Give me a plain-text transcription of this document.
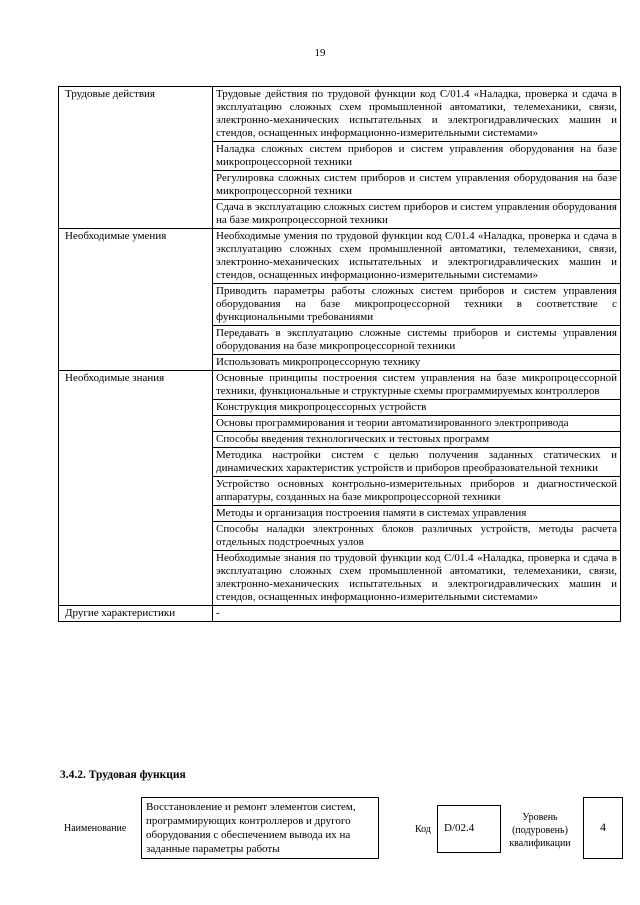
19
Трудовые действия	Трудовые действия по трудовой функции код С/01.4 «Наладка, проверка и сдача в эксплуатацию сложных схем промышленной автоматики, телемеханики, связи, электронно-механических испытательных и электрогидравлических машин и стендов, оснащенных информационно-измерительными системами»
	Наладка сложных систем приборов и систем управления оборудования на базе микропроцессорной техники
	Регулировка сложных систем приборов и систем управления оборудования на базе микропроцессорной техники
	Сдача в эксплуатацию сложных систем приборов и систем управления оборудования на базе микропроцессорной техники
Необходимые умения	Необходимые умения по трудовой функции код С/01.4 «Наладка, проверка и сдача в эксплуатацию сложных схем промышленной автоматики, телемеханики, связи, электронно-механических испытательных и электрогидравлических машин и стендов, оснащенных информационно-измерительными системами»
	Приводить параметры работы сложных систем приборов и систем управления оборудования на базе микропроцессорной техники в соответствие с функциональными требованиями
	Передавать в эксплуатацию сложные системы приборов и системы управления оборудования на базе микропроцессорной техники
	Использовать микропроцессорную технику
Необходимые знания	Основные принципы построения систем управления на базе микропроцессорной техники, функциональные и структурные схемы программируемых контроллеров
	Конструкция микропроцессорных устройств
	Основы программирования и теории автоматизированного электропривода
	Способы введения технологических и тестовых программ
	Методика настройки систем с целью получения заданных статических и динамических характеристик устройств и приборов преобразовательной техники
	Устройство основных контрольно-измерительных приборов и диагностической аппаратуры, созданных на базе микропроцессорной техники
	Методы и организация построения памяти в системах управления
	Способы наладки электронных блоков различных устройств, методы расчета отдельных подстроечных узлов
	Необходимые знания по трудовой функции код С/01.4 «Наладка, проверка и сдача в эксплуатацию сложных схем промышленной автоматики, телемеханики, связи, электронно-механических испытательных и электрогидравлических машин и стендов, оснащенных информационно-измерительными системами»
Другие характеристики	-
3.4.2. Трудовая функция
Наименование
Восстановление и ремонт элементов систем, программирующих контроллеров и другого оборудования с обеспечением вывода их на заданные параметры работы
Код	D/02.4
Уровень (подуровень) квалификации
4
